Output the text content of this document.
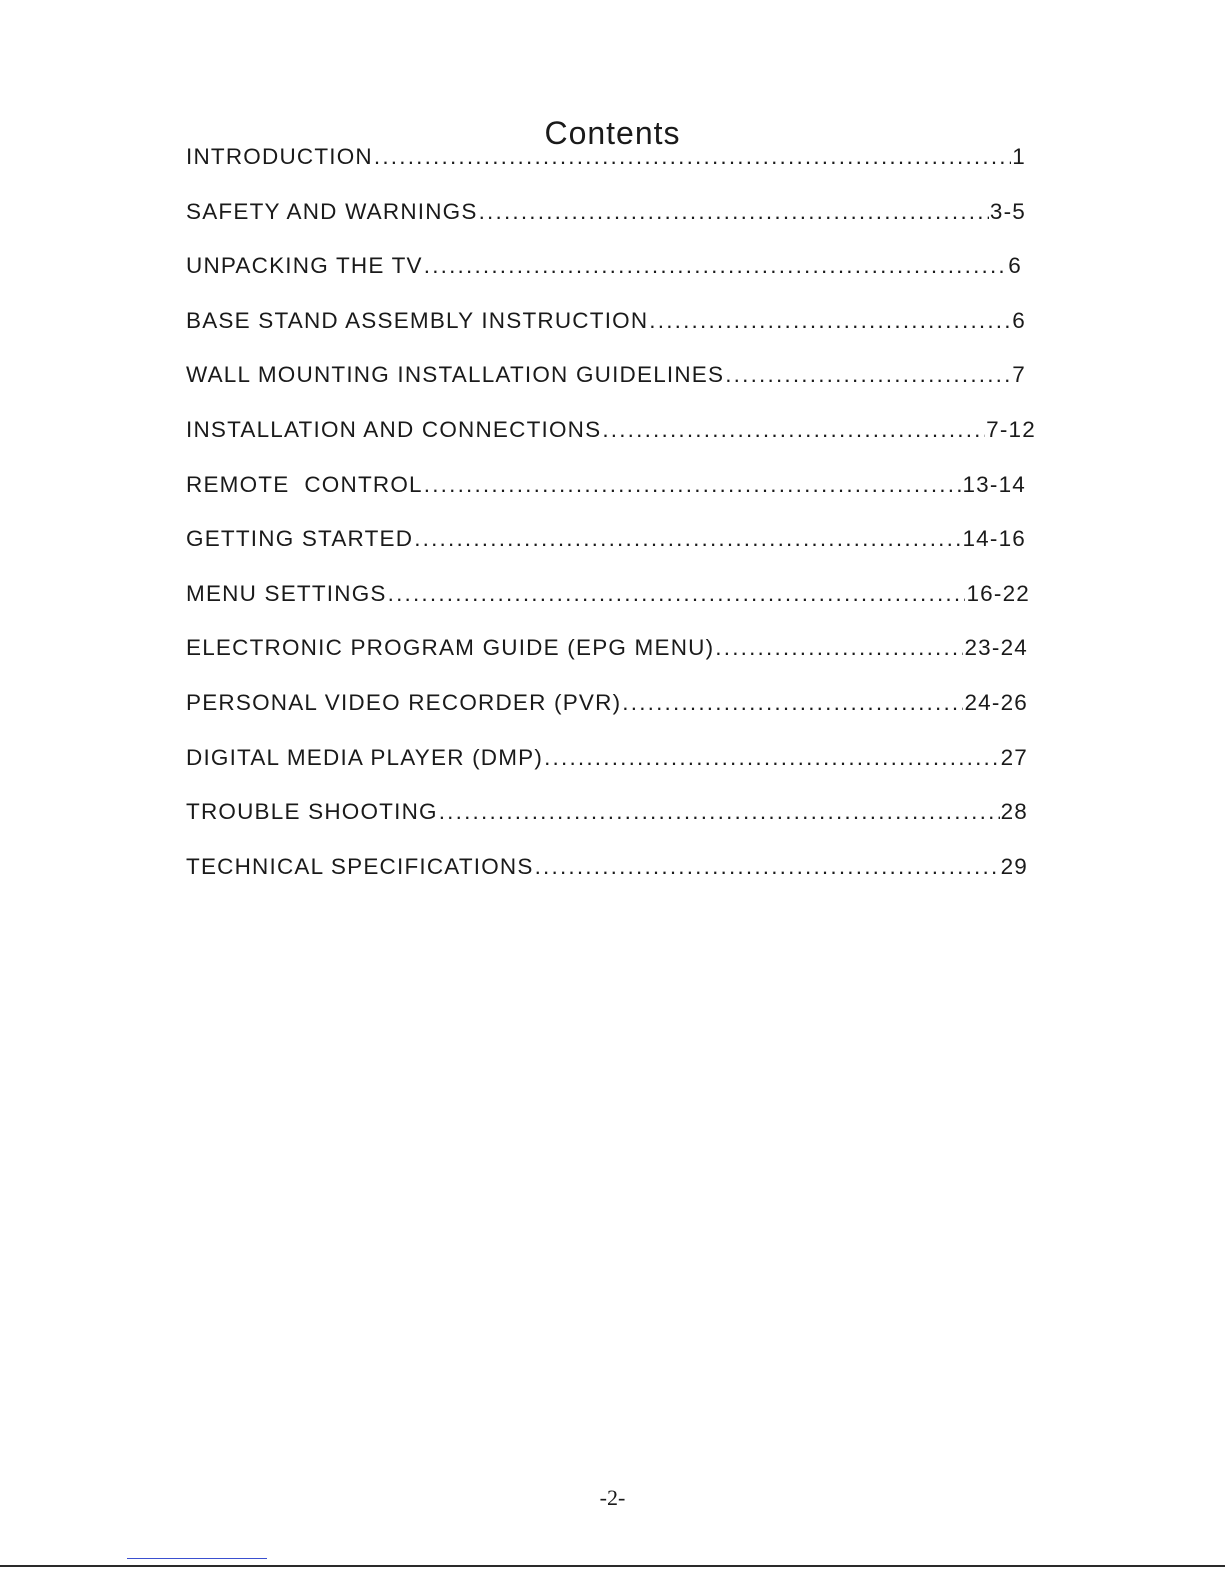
Contents
INTRODUCTION .....	1
SAFETY AND WARNINGS .....	3-5
UNPACKING THE TV .....	6
BASE STAND ASSEMBLY INSTRUCTION .....	6
WALL MOUNTING INSTALLATION GUIDELINES .....	7
INSTALLATION AND CONNECTIONS .....	7-12
REMOTE  CONTROL .....	13-14
GETTING STARTED .....	14-16
MENU SETTINGS .....	16-22
ELECTRONIC PROGRAM GUIDE (EPG MENU) .....	23-24
PERSONAL VIDEO RECORDER (PVR) .....	24-26
DIGITAL MEDIA PLAYER (DMP) .....	27
TROUBLE SHOOTING .....	28
TECHNICAL SPECIFICATIONS .....	29
-2-
